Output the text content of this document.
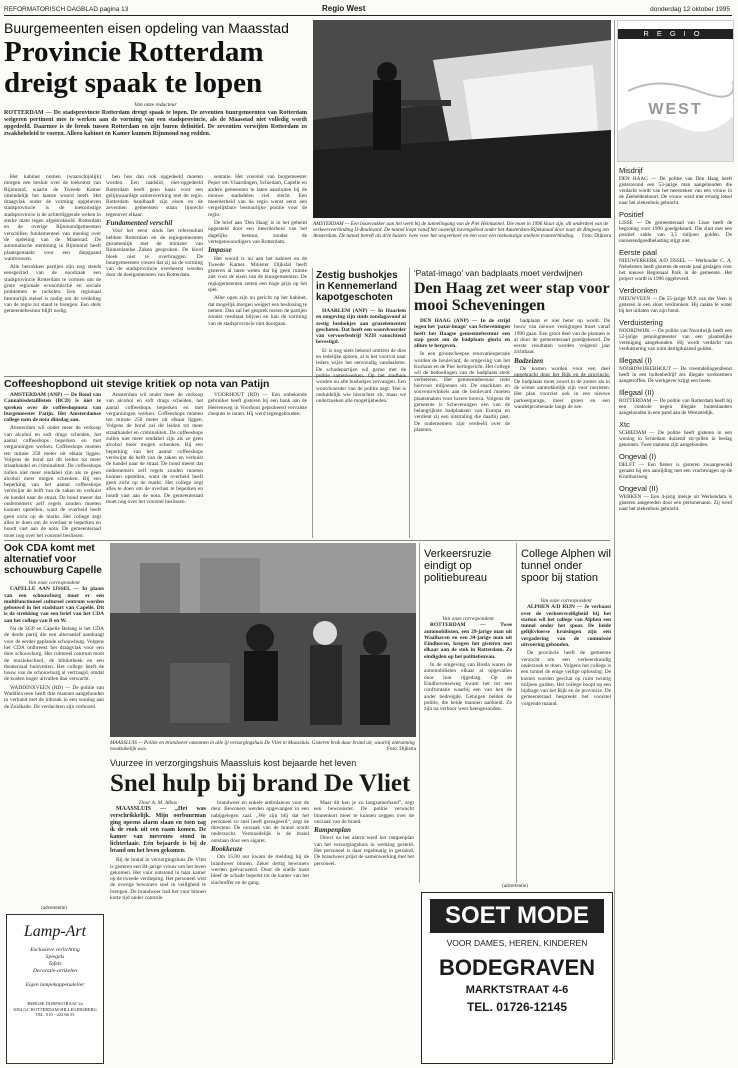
REFORMATORISCH DAGBLAD pagina 13	Regio West	donderdag 12 oktober 1995
Buurgemeenten eisen opdeling van Maasstad
Provincie Rotterdam
dreigt spaak te lopen
Van onze redacteur
ROTTERDAM — De stadsprovincie Rotterdam dreigt spaak te lopen. De zeventien buurgemeenten van Rotterdam weigeren pertinent mee te werken aan de vorming van een stadsprovincie, als de Maasstad niet volledig wordt opgedeeld. Daarmee is de breuk tussen Rotterdam en zijn buren definitief. De zeventien verwijten Rotterdam zo zwakheheleid te voeren. Alleen kabinet en Kamer kunnen Rijnmond nog redden.

Het kabinet nomen (waarschijnlijk) morgen een besluit over de toekomst van Rijnmond, waarin de Tweede Kamer uiteindelijk het laatste woord heeft. Het draagvlak onder de vorming opgeheven stadsprovincie is de toekomstige stadsprovincie is de achterliggende weken in sterke mate tegen afgebrokkeld. Rotterdam en de overige Rijnmondgemeenten verschillen fundamenteel van mening over de opdeling van de Maasstad. De automatische stemming in Rijnmond heeft plaatsgemaakt voor een diepgaand wantrouwen.

Alle betrokken partijen zijn nog steeds eensgezind van de noodzaak een stadsprovincie Rotterdam te vormen om de grote regionale economische en sociale problemen te tackelen. Een regionaal bestuurlijk stelsel is nodig om de verdeling van de regio tot stand te brengen. Een sterk gemeentebestuur blijft nodig.

ben hoe dan ook opgedeeld moeten worden. Een raadslid, niet-opgedeeld Rotterdam heeft geen basis voor een gelijkwaardige samenwerking met de regio. Rotterdam handhaaft zijn eisen en de zeventien gemeenten staan lijnrecht tegenover elkaar.

Fundamenteel verschil

Voor het eerst sinds het referendum hebben Rotterdam en de regiogemeenten gezamenlijk met de minister van Binnenlandse Zaken gesproken. De kloof bleek niet te overbruggen. De buurgemeenten vrezen dat zij na de vorming van de stadsprovincie overheerst worden door de deelgemeenten van Rotterdam.

sentatie. Het voorstel van burgemeester Peper om Vlaardingen, Schiedam, Capelle en andere gemeenten te laten aansluiten bij de nieuwe stadsdelen viel slecht. Een meerderheid van de regio wenst eerst een vergelijkbare bestuurlijke positie voor de regio.

De brief aan 'Den Haag' is in het geheim opgesteld door een meerderheid van het dagelijks bestuur, zonder de vertegenwoordigers van Rotterdam.

Impasse

Het woord is nu aan het kabinet en de Tweede Kamer. Minister Dijkstal heeft gisteren al laten weten dat hij geen ruimte ziet voor de eisen van de buurgemeenten. De regiogemeenten zetten een hoge prijs op het spel.

Aller ogen zijn nu gericht op het kabinet, dat mogelijk morgen weigert een beslissing te nemen. Dan zal het gesprek tussen de partijen zonder resultaat blijven en kan de vorming van de stadsprovincie niet doorgaan.

AMSTERDAM — Een bouwvakker aan het werk bij de tunnelingang van de Piet Heintunnel. Die moet in 1996 klaar zijn, dit onderdeel van de verkeersverbinding IJ-Boulevard. De tunnel loopt vanaf het oostelijk havengebied onder het Amsterdam-Rijnkanaal door naar de Ringweg om Amsterdam. De tunnel betreft als drie buizen: twee voor het wegverkeer en één voor een toekomstige snellere tramverbinding. Foto: Dijkstra
REGIO
WEST
Misdrijf

DEN HAAG — De politie van Den Haag heeft gisteravond een 53-jarige man aangehouden die verdacht wordt van het neersteken van een vrouw in de Zeeheldenbuurt. De vrouw werd met ernstig letsel naar het ziekenhuis gebracht.

Positief

LISSE — De gemeenteraad van Lisse heeft de begroting voor 1996 goedgekeurd. Die sluit met een positief saldo van 3,5 miljoen gulden. De onroerendgoedbelasting stijgt niet.

Eerste paal

NIEUWERKERK A/D IJSSEL — Wethouder C. A. Nebelsteen heeft gisteren de eerste paal geslagen voor het nieuwe Regionaal Park in de gemeente. Het project wordt in 1996 opgeleverd.

Verdronken

NIEUWVEEN — De 55-jarige M.P. van der Veen is gisteren in een sloot verdronken. Hij raakte te water bij het uitlaten van zijn hond.

Verduistering

NOORDWIJK — De politie van Noordwijk heeft een 52-jarige penningmeester van een plaatselijke vereniging aangehouden. Hij wordt verdacht van verduistering van ruim dertigduizend gulden.

Illegaal (I)

NOORDWIJKERHOUT — De vreemdelingendienst heeft in een bollenbedrijf zes illegale werknemers aangetroffen. De werkgever krijgt een boete.

Illegaal (II)

ROTTERDAM — De politie van Rotterdam heeft bij een controle negen illegale buitenlanders aangehouden in een pand aan de Westzeedijk.

Xtc

SCHIEDAM — De politie heeft gisteren in een woning in Schiedam duizend xtc-pillen in beslag genomen. Twee mannen zijn aangehouden.

Ongeval (I)

DELFT — Een fietser is gisteren zwaargewond geraakt bij een aanrijding met een vrachtwagen op de Kruithuisweg.

Ongeval (II)

WERKEN — Een 4-jarig meisje uit Werkendam is gisteren aangereden door een personenauto. Zij werd naar het ziekenhuis gebracht.

Coffeeshopbond uit stevige kritiek op nota van Patijn

AMSTERDAM (ANP) — De Bond van Cannabisdetaillisten (BCD) is niet te spreken over de coffeeshopnota van burgemeester Patijn. Het Amsterdamse college nam de nota dinsdag aan.

Amsterdam wil onder meer de verkoop van alcohol en soft drugs scheiden, het aantal coffeeshops beperken en met vergunningen werken. Coffeeshops moeten ten minste 250 meter uit elkaar liggen. Volgens de bond zal dit leiden tot meer straathandel en criminaliteit. De coffeeshops zullen niet meer rendabel zijn als ze geen alcohol meer mogen schenken. Bij een beperking van het aantal coffeeshops verdwijnt de helft van de zaken en verhuist de handel naar de straat. De bond meent dat ondernemers zelf regels zouden moeten kunnen opstellen, want de overheid heeft geen zicht op de markt. Het college zegt alles te doen om de overlast te beperken en houdt vast aan de nota. De gemeenteraad moet nog over het voorstel beslissen.

Amsterdam wil onder meer de verkoop van alcohol en soft drugs scheiden, het aantal coffeeshops beperken en met vergunningen werken. Coffeeshops moeten ten minste 250 meter uit elkaar liggen. Volgens de bond zal dit leiden tot meer straathandel en criminaliteit. De coffeeshops zullen niet meer rendabel zijn als ze geen alcohol meer mogen schenken. Bij een beperking van het aantal coffeeshops verdwijnt de helft van de zaken en verhuist de handel naar de straat. De bond meent dat ondernemers zelf regels zouden moeten kunnen opstellen, want de overheid heeft geen zicht op de markt. Het college zegt alles te doen om de overlast te beperken en houdt vast aan de nota. De gemeenteraad moet nog over het voorstel beslissen.

VOORHOUT (RD) — Een onbekende gebruiker heeft gisteren bij een bank aan de Heerenweg in Voorhout geprobeerd vervalste cheques te innen. Hij werd tegengehouden.

Zestig bushokjes in Kennemerland kapotgeschoten

HAARLEM (ANP) — In Haarlem en omgeving zijn sinds zondagavond al zestig bushokjes aan gruzelementen geschoten. Dat heeft een woordvoerder van vervoerbedrijf NZH vanochtend bevestigd.

Er is nog niets bekend omtrent de dies en redelijke sporen, al is het voorval naar ieders wijze het eenvoudig vandaalsme. De schadepartijen wil gerne met de politie samenwerken. Op het stadhuis worden nu alle bushokjes vervangen. Een woordvoerder van de politie zegt: 'Het is onduidelijk wie hierachter zit, maar we onderzoeken alle mogelijkheden.'

'Patat-imago' van badplaats moet verdwijnen
Den Haag zet weer stap voor mooi Scheveningen

DEN HAAG (ANP) — In de strijd tegen het 'patat-imago' van Scheveningen heeft het Haagse gemeentebestuur een stap gezet om de badplaats gloria en allure te hergeven.

In een grootscheepse renovatieoperatie worden de boulevard, de omgeving van het Kurhaus en de Pier heringericht. Het college wil de bedoelingen van de badplaats sterk verbeteren. Het gemeentebestuur trekt hiervoor miljoenen uit. De snackbars en souvenirwinkels aan de boulevard moeten plaatsmaken voor luxere horeca. Volgens de gemeente is Scheveningen een van de belangrijkste badplaatsen van Europa en verdient zij een uitstraling die daarbij past. De ondernemers zijn verdeeld over de plannen.

badplaats er niet beter op wordt. De bouw van nieuwe vestigingen moet vanaf 1996 gaan. Een groot deel van de plannen is al door de gemeenteraad goedgekeurd. De eerste resultaten worden volgend jaar zichtbaar.

Badzeizen

De kosten worden voor een deel opgebracht door het Rijk en de provincie. De badplaats moet zowel in de zomer als in de winter aantrekkelijk zijn voor toeristen. Het plan voorziet ook in een nieuwe parkeergarage, meer groen en een wandelpromenade langs de zee.

Ook CDA komt met alternatief voor schouwburg Capelle
Van onze correspondent

CAPELLE AAN IJSSEL — In plaats van een schouwburg moet er een multifunctioneel cultureel centrum worden gebouwd in het stadshart van Capelle. Dit is de strekking van een brief van het CDA aan het college van B en W.

Na de SGP en Capelle Belang is het CDA de derde partij die een alternatief aandraagt voor de eerder geplande schouwburg. Volgens het CDA ontbreekt het draagvlak voor een dure schouwburg. Het cultureel centrum moet de muziekschool, de bibliotheek en een theaterzaal huisvesten. Het college heeft de bouw van de schouwburg al vertraagd, omdat de kosten hoger uitvallen dan verwacht.

WADDINXVEEN (RD) — De politie van Waddinxveen heeft drie mannen aangehouden in verband met de inbraak in een woning aan de Zuidkade. De verdachten zijn verhoord.

MAASSLUIS — Politie en brandweer omzomen in alle ijl verzorgingshuis De Vliet in Maassluis. Gisteren brak daar brand uit, waarbij ontruiming noodzakelijk was.	Foto: Dijkstra
Verkeersruzie eindigt op politiebureau
Van onze correspondent

ROTTERDAM — Twee automobilisten, een 29-jarige man uit Waalhaven en een 34-jarige man uit Eindhoven, kregen het gisteren met elkaar aan de stok in Rotterdam. Ze eindigden op het politiebureau.

In de omgeving van Breda waren de automobilisten elkaar al opgevallen door hun rijgedrag. Op de Eindhovenseweg kwam het tot een confrontatie waarbij een van hen de ander bedreigde. Getuigen belden de politie, die beide mannen aanhield. Ze zijn na verhoor weer heengezonden.

College Alphen wil tunnel onder spoor bij station
Van onze correspondent

ALPHEN A/D RIJN — Je verbaast over de verkeersveiligheid bij het station wil het college van Alphen een tunnel onder het spoor. De beide gelijkvloerse kruisingen zijn een vergadering van de commissie uitvoering gebonden.

De provincie heeft de gemeente verzocht om een verkeerskundig onderzoek te doen. Volgens het college is een tunnel de enige veilige oplossing. De kosten worden geschat op ruim twintig miljoen gulden. Het college hoopt op een bijdrage van het Rijk en de provincie. De gemeenteraad bespreekt het voorstel volgende maand.

Vuurzee in verzorgingshuis Maassluis kost bejaarde het leven
Snel hulp bij brand De Vliet
Door A. M. Albus

MAASSLUIS — „Het was verschrikkelijk. Mijn oorbuurman ging opeens alarm slaan en toen zag ik de rook uit een raam komen. De kamer van mevrouw stond in lichterlaaie. Eén bejaarde is bij de brand om het leven gekomen.

Bij de brand in verzorgingshuis De Vliet is gisteren een 84-jarige vrouw om het leven gekomen. Het vuur ontstond in haar kamer op de tweede verdieping. Het personeel wist de overige bewoners snel in veiligheid te brengen. De brandweer had het vuur binnen korte tijd onder controle.

brandweer en enkele ambulances voor de deur. Bewoners werden opgevangen in een nabijgelegen zaal. „We zijn blij dat het personeel zo snel heeft gereageerd”, zegt de directeur. De oorzaak van de brand wordt onderzocht. Vermoedelijk is de brand ontstaan door een sigaret.

Rookkeuze

Om 15.00 uur kwam de melding bij de brandweer binnen. Zeker dertig bewoners werden geëvacueerd. Door de snelle inzet bleef de schade beperkt tot de kamer van het slachtoffer en de gang.

Maar dit ken je zo langzamerhand”, zegt een bewoonster. De politie verwacht binnenkort meer te kunnen zeggen over de oorzaak van de brand.

Rampenplan

Direct na het alarm werd het rampenplan van het verzorgingshuis in werking gesteld. Het personeel is daar regelmatig in getraind. De brandweer prijst de samenwerking met het personeel.

(advertentie)
Lamp-Art
Exclusieve verlichting
Spiegels
Tafels
Decoratie-artikelen
Eigen lampekappenatelier
BERGSE DORPSSTRAAT 2a
3054 GC ROTTERDAM-HILLEGERSBERG
TEL. 010 - 422 66 55
(advertentie)
SOET MODE
VOOR DAMES, HEREN, KINDEREN
BODEGRAVEN
MARKTSTRAAT 4-6
TEL. 01726-12145
